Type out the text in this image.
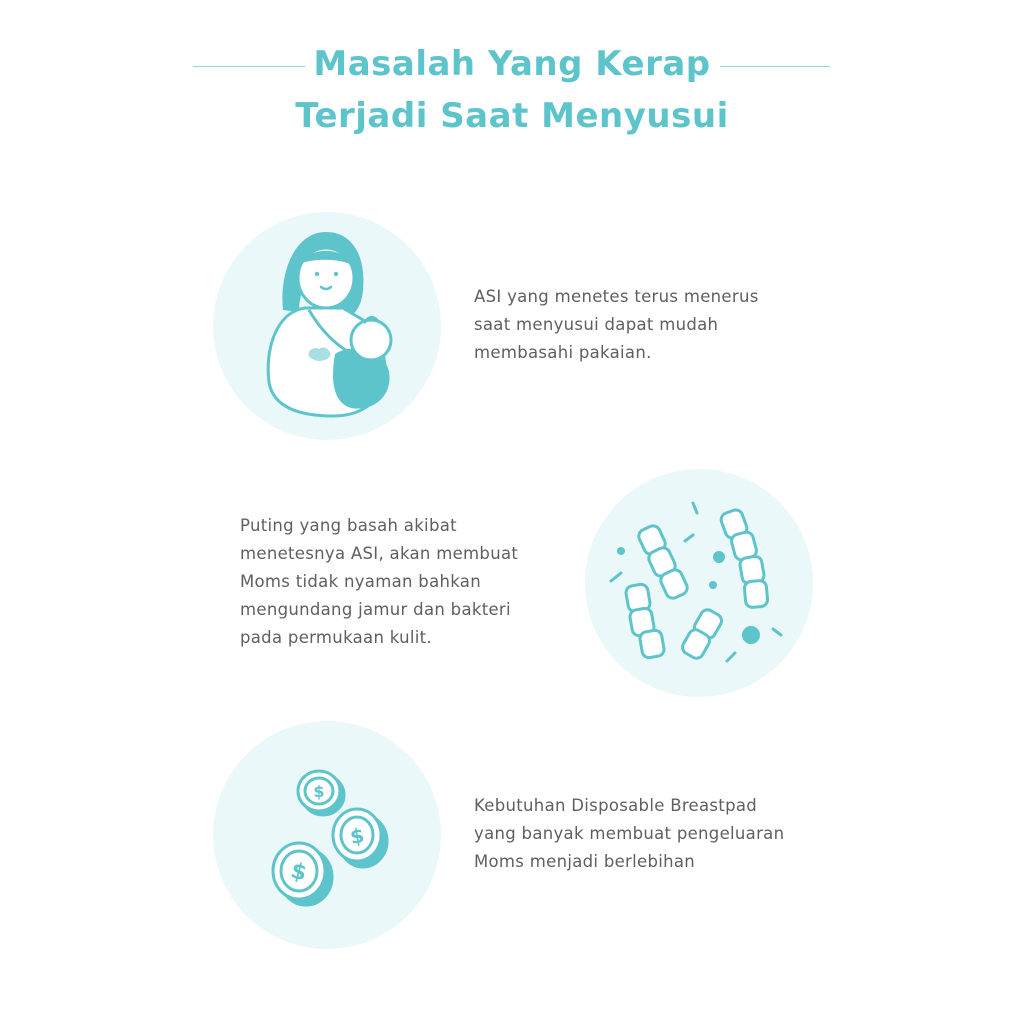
Masalah Yang Kerap
Terjadi Saat Menyusui

ASI yang menetes terus menerus

saat menyusui dapat mudah

membasahi pakaian.

Puting yang basah akibat

menetesnya ASI, akan membuat

Moms tidak nyaman bahkan

mengundang jamur dan bakteri

pada permukaan kulit.

$
$
$

Kebutuhan Disposable Breastpad

yang banyak membuat pengeluaran

Moms menjadi berlebihan
